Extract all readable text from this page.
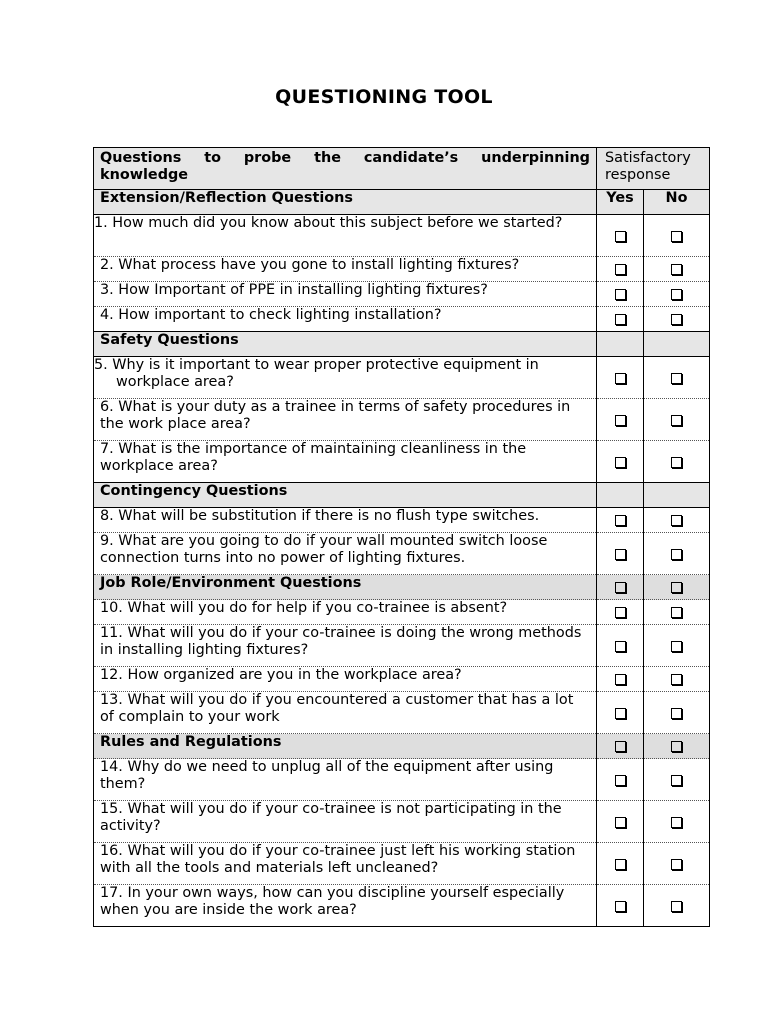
QUESTIONING TOOL
Questions to probe the candidate’s underpinning knowledge	Satisfactory response	
Extension/Reflection Questions	Yes	No
1. How much did you know about this subject before we started?		
2. What process have you gone to install lighting fixtures?		
3. How Important of PPE in installing lighting fixtures?		
4. How important to check lighting installation?		
Safety Questions		
5. Why is it important to wear proper protective equipment in workplace area?		
6. What is your duty as a trainee in terms of safety procedures in the work place area?		
7. What is the importance of maintaining cleanliness in the workplace area?		
Contingency Questions		
8. What will be substitution if there is no flush type switches.		
9. What are you going to do if your wall mounted switch loose connection turns into no power of lighting fixtures.		
Job Role/Environment Questions		
10. What will you do for help if you co-trainee is absent?		
11. What will you do if your co-trainee is doing the wrong methods in installing lighting fixtures?		
12. How organized are you in the workplace area?		
13. What will you do if you encountered a customer that has a lot of complain to your work		
Rules and Regulations		
14. Why do we need to unplug all of the equipment after using them?		
15. What will you do if your co-trainee is not participating in the activity?		
16. What will you do if your co-trainee just left his working station with all the tools and materials left uncleaned?		
17. In your own ways, how can you discipline yourself especially when you are inside the work area?		
